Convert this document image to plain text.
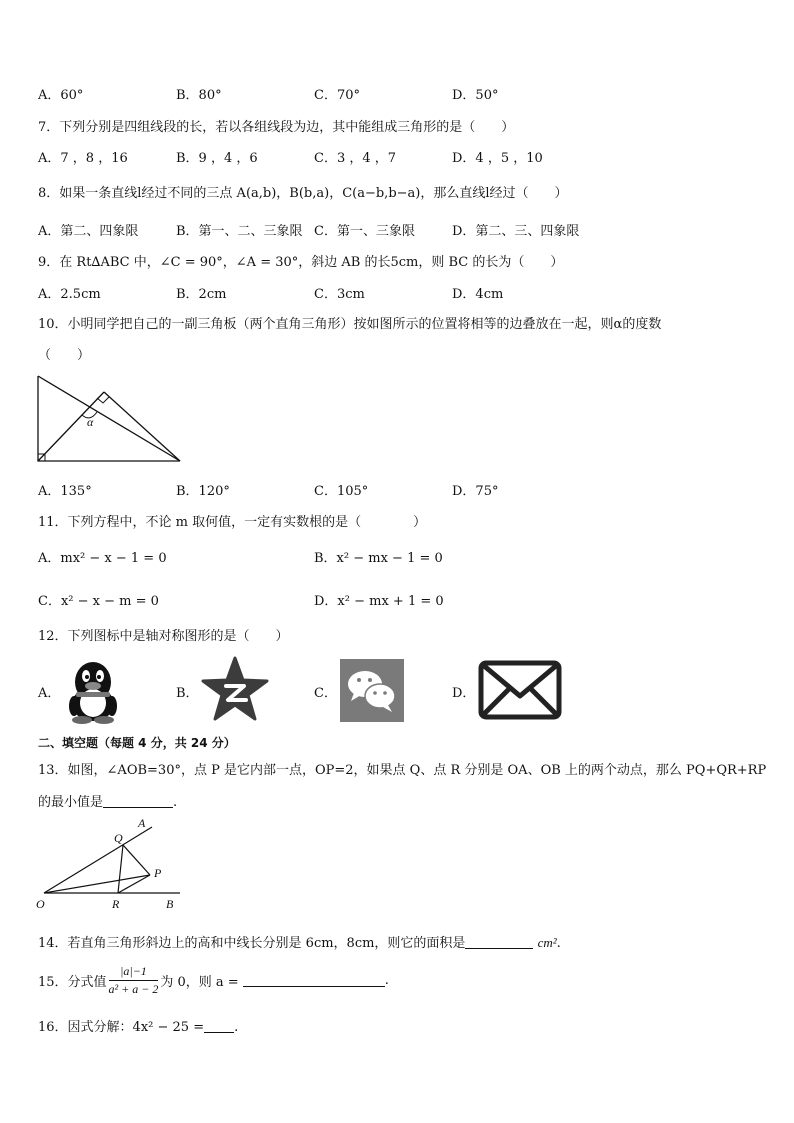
A．60°	B．80°	C．70°	D．50°
7．下列分别是四组线段的长，若以各组线段为边，其中能组成三角形的是（　　）
A．7 ，8 ，16	B．9 ，4 ，6	C．3 ，4 ，7	D．4 ，5 ，10
8．如果一条直线l经过不同的三点 A(a,b)，B(b,a)，C(a−b,b−a)，那么直线l经过（　　）
A．第二、四象限	B．第一、二、三象限 C．第一、三象限	D．第二、三、四象限
9．在 Rt∆ABC 中，∠C = 90°，∠A = 30°，斜边 AB 的长5cm，则 BC 的长为（　　）
A．2.5cm	B．2cm	C．3cm	D．4cm
10．小明同学把自己的一副三角板（两个直角三角形）按如图所示的位置将相等的边叠放在一起，则α的度数
（　　）
α
A．135°	B．120°	C．105°	D．75°
11．下列方程中，不论 m 取何值，一定有实数根的是（　　　　）
A．mx² − x − 1 = 0	B．x² − mx − 1 = 0
C．x² − x − m = 0	D．x² − mx + 1 = 0
12．下列图标中是轴对称图形的是（　　）
A．	B．	C．	D．
二、填空题（每题 4 分，共 24 分）
13．如图，∠AOB=30°，点 P 是它内部一点，OP=2，如果点 Q、点 R 分别是 OA、OB 上的两个动点，那么 PQ+QR+RP
的最小值是	.
O
A
B
P
Q
R
14．若直角三角形斜边上的高和中线长分别是 6cm，8cm，则它的面积是	cm².
15．分式值 $\frac{|a|-1}{\text{a² + a − 2}}$ 为 0，则 a =	.
16．因式分解：4x² − 25 = .
